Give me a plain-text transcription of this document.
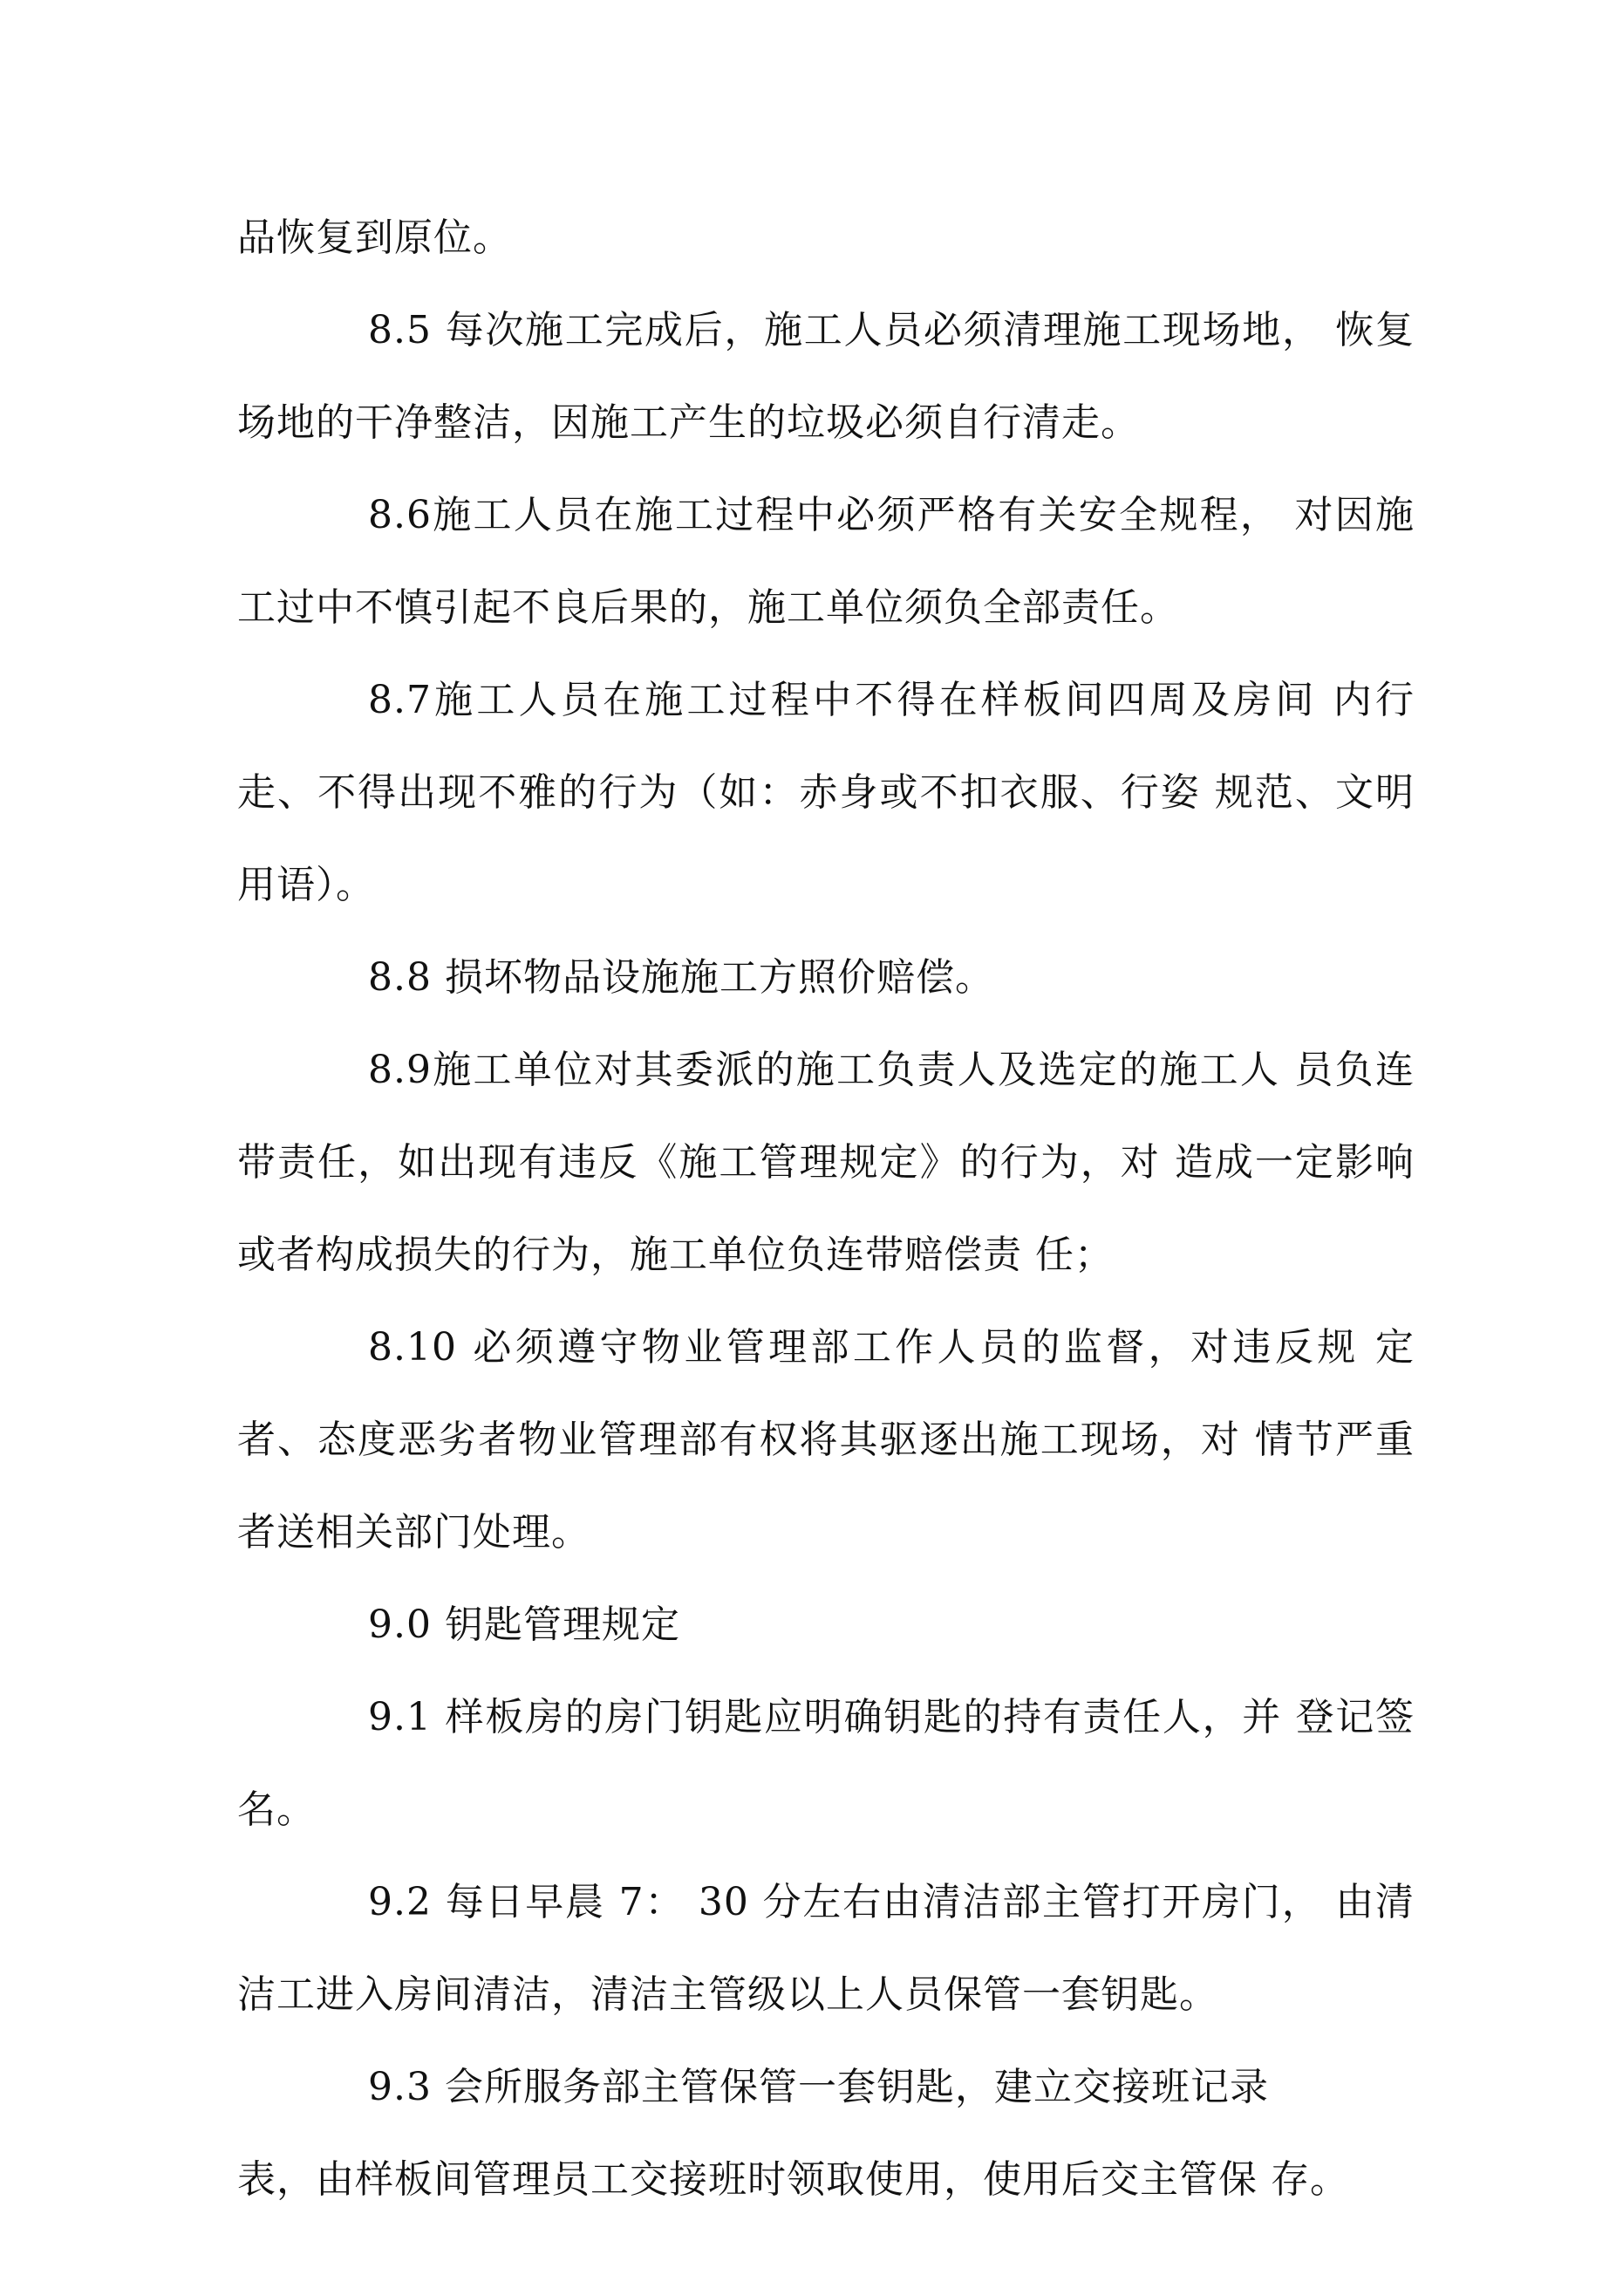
品恢复到原位。

8.5 每次施工完成后，施工人员必须清理施工现场地， 恢复场地的干净整洁，因施工产生的垃圾必须自行清走。

8.6施工人员在施工过程中必须严格有关安全规程， 对因施工过中不慎引起不良后果的，施工单位须负全部责任。

8.7施工人员在施工过程中不得在样板间四周及房间 内行走、不得出现不雅的行为（如：赤身或不扣衣服、行姿 规范、文明用语）。

8.8 损坏物品设施施工方照价赔偿。

8.9施工单位对其委派的施工负责人及选定的施工人 员负连带责任，如出现有违反《施工管理规定》的行为，对 造成一定影响或者构成损失的行为，施工单位负连带赔偿责 任；

8.10 必须遵守物业管理部工作人员的监督，对违反规 定者、态度恶劣者物业管理部有权将其驱逐出施工现场，对 情节严重者送相关部门处理。

9.0 钥匙管理规定

9.1 样板房的房门钥匙应明确钥匙的持有责任人，并 登记签名。

9.2 每日早晨 7： 30 分左右由清洁部主管打开房门， 由清洁工进入房间清洁，清洁主管级以上人员保管一套钥匙。

9.3 会所服务部主管保管一套钥匙，建立交接班记录

表，由样板间管理员工交接班时领取使用，使用后交主管保 存。
